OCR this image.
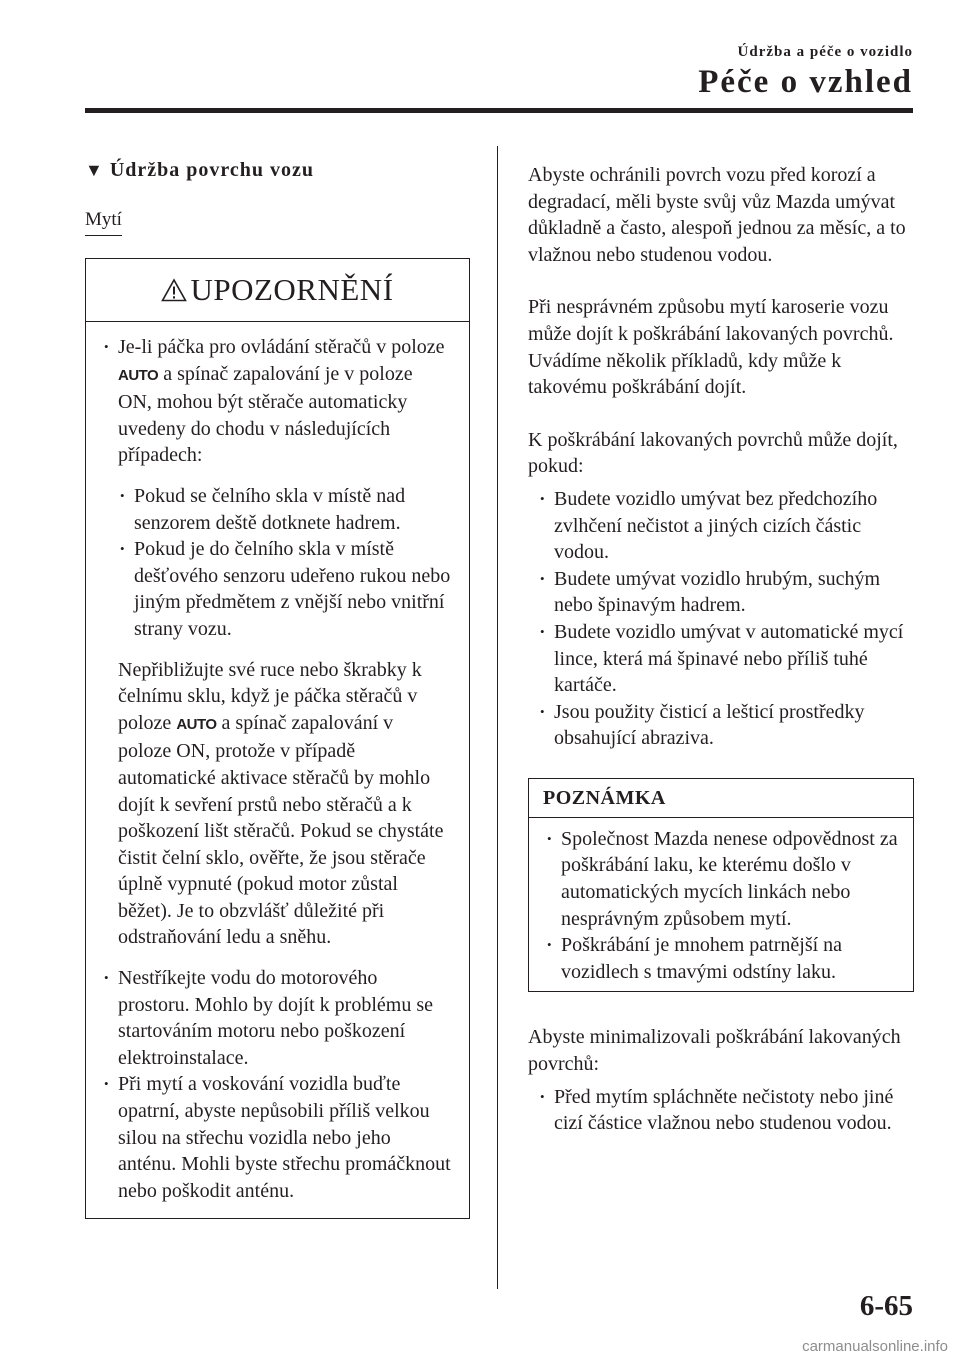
Údržba a péče o vozidlo
Péče o vzhled
▼ Údržba povrchu vozu
Mytí
UPOZORNĚNÍ
• Je-li páčka pro ovládání stěračů v poloze AUTO a spínač zapalování je v poloze ON, mohou být stěrače automaticky uvedeny do chodu v následujících případech:
• Pokud se čelního skla v místě nad senzorem deště dotknete hadrem.
• Pokud je do čelního skla v místě dešťového senzoru udeřeno rukou nebo jiným předmětem z vnější nebo vnitřní strany vozu.
Nepřibližujte své ruce nebo škrabky k čelnímu sklu, když je páčka stěračů v poloze AUTO a spínač zapalování v poloze ON, protože v případě automatické aktivace stěračů by mohlo dojít k sevření prstů nebo stěračů a k poškození lišt stěračů. Pokud se chystáte čistit čelní sklo, ověřte, že jsou stěrače úplně vypnuté (pokud motor zůstal běžet). Je to obzvlášť důležité při odstraňování ledu a sněhu.
• Nestříkejte vodu do motorového prostoru. Mohlo by dojít k problému se startováním motoru nebo poškození elektroinstalace.
• Při mytí a voskování vozidla buďte opatrní, abyste nepůsobili příliš velkou silou na střechu vozidla nebo jeho anténu. Mohli byste střechu promáčknout nebo poškodit anténu.

Abyste ochránili povrch vozu před korozí a degradací, měli byste svůj vůz Mazda umývat důkladně a často, alespoň jednou za měsíc, a to vlažnou nebo studenou vodou.

Při nesprávném způsobu mytí karoserie vozu může dojít k poškrábání lakovaných povrchů. Uvádíme několik příkladů, kdy může k takovému poškrábání dojít.

K poškrábání lakovaných povrchů může dojít, pokud:

• Budete vozidlo umývat bez předchozího zvlhčení nečistot a jiných cizích částic vodou.
• Budete umývat vozidlo hrubým, suchým nebo špinavým hadrem.
• Budete vozidlo umývat v automatické mycí lince, která má špinavé nebo příliš tuhé kartáče.
• Jsou použity čisticí a lešticí prostředky obsahující abraziva.
POZNÁMKA
• Společnost Mazda nenese odpovědnost za poškrábání laku, ke kterému došlo v automatických mycích linkách nebo nesprávným způsobem mytí.
• Poškrábání je mnohem patrnější na vozidlech s tmavými odstíny laku.

Abyste minimalizovali poškrábání lakovaných povrchů:

• Před mytím spláchněte nečistoty nebo jiné cizí částice vlažnou nebo studenou vodou.
6-65
carmanualsonline.info
